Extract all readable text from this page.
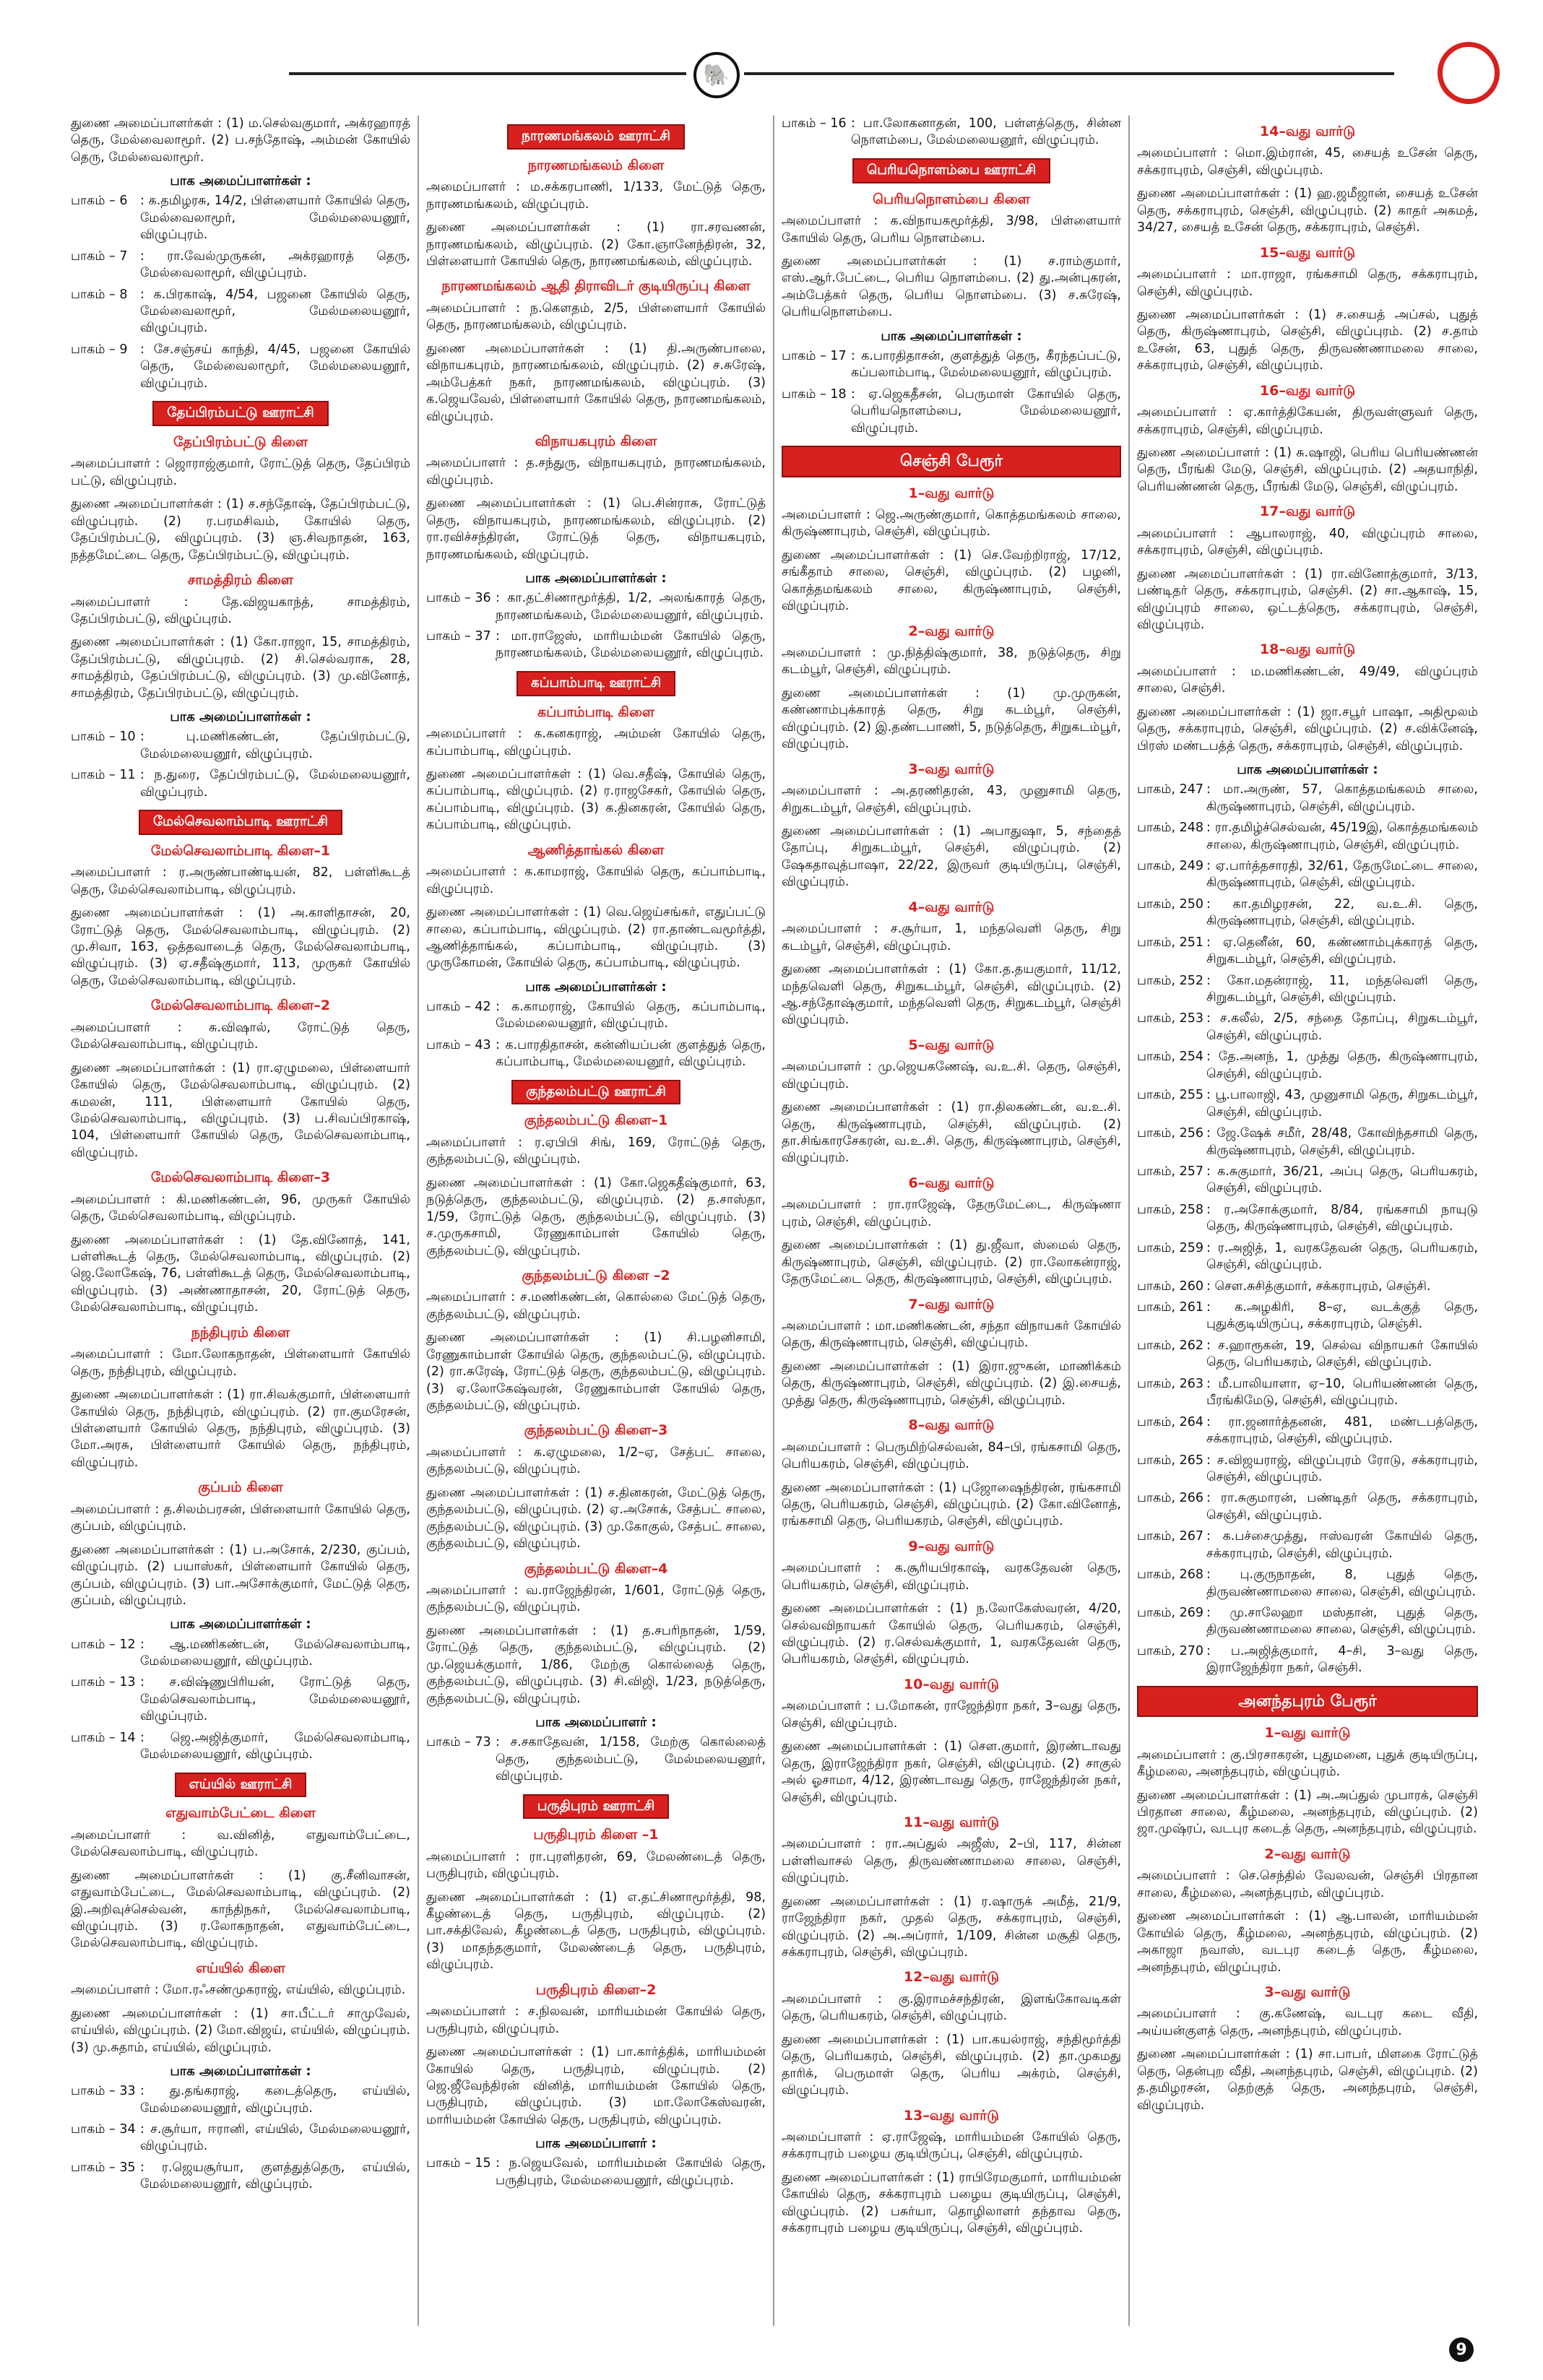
🐘
துணை அமைப்பாளர்கள் : (1) ம.செல்வகுமார், அக்ரஹாரத் தெரு, மேல்வைலாமூர். (2) ப.சந்தோஷ், அம்மன் கோயில் தெரு, மேல்வைலாமூர்.
பாக அமைப்பாளர்கள் :
பாகம் – 6	: க.தமிழரசு, 14/2, பிள்ளையார் கோயில் தெரு, மேல்வைலாமூர், மேல்மலையனூர், விழுப்புரம்.
பாகம் – 7	: ரா.வேல்முருகன், அக்ரஹாரத் தெரு, மேல்வைலாமூர், விழுப்புரம்.
பாகம் – 8	: க.பிரகாஷ், 4/54, பஜனை கோயில் தெரு, மேல்வைலாமூர், மேல்மலையனூர், விழுப்புரம்.
பாகம் – 9	: சே.சஞ்சய் காந்தி, 4/45, பஜனை கோயில் தெரு, மேல்வைலாமூர், மேல்மலையனூர், விழுப்புரம்.
தேப்பிரம்பட்டு ஊராட்சி
தேப்பிரம்பட்டு கிளை
அமைப்பாளர் : ஜொராஜ்குமார், ரோட்டுத் தெரு, தேப்பிரம் பட்டு, விழுப்புரம்.
துணை அமைப்பாளர்கள் : (1) ச.சந்தோஷ், தேப்பிரம்பட்டு, விழுப்புரம். (2) ர.பரமசிவம், கோயில் தெரு, தேப்பிரம்பட்டு, விழுப்புரம். (3) ஞ.சிவநாதன், 163, நத்தமேட்டை தெரு, தேப்பிரம்பட்டு, விழுப்புரம்.
சாமத்திரம் கிளை
அமைப்பாளர் : தே.விஜயகாந்த், சாமத்திரம், தேப்பிரம்பட்டு, விழுப்புரம்.
துணை அமைப்பாளர்கள் : (1) கோ.ராஜா, 15, சாமத்திரம், தேப்பிரம்பட்டு, விழுப்புரம். (2) சி.செல்வராசு, 28, சாமத்திரம், தேப்பிரம்பட்டு, விழுப்புரம். (3) மு.வினோத், சாமத்திரம், தேப்பிரம்பட்டு, விழுப்புரம்.
பாக அமைப்பாளர்கள் :
பாகம் – 10 : பு.மணிகண்டன், தேப்பிரம்பட்டு, மேல்மலையனூர், விழுப்புரம்.
பாகம் – 11 : ந.துரை, தேப்பிரம்பட்டு, மேல்மலையனூர், விழுப்புரம்.
மேல்செவலாம்பாடி ஊராட்சி
மேல்செவலாம்பாடி கிளை–1
அமைப்பாளர் : ர.அருண்பாண்டியன், 82, பள்ளிகூடத் தெரு, மேல்செவலாம்பாடி, விழுப்புரம்.
துணை அமைப்பாளர்கள் : (1) அ.காளிதாசன், 20, ரோட்டுத் தெரு, மேல்செவலாம்பாடி, விழுப்புரம். (2) மு.சிவா, 163, ஒத்தவாடைத் தெரு, மேல்செவலாம்பாடி, விழுப்புரம். (3) ஏ.சதீஷ்குமார், 113, முருகர் கோயில் தெரு, மேல்செவலாம்பாடி, விழுப்புரம்.
மேல்செவலாம்பாடி கிளை–2
அமைப்பாளர் : சு.விஷால், ரோட்டுத் தெரு, மேல்செவலாம்பாடி, விழுப்புரம்.
துணை அமைப்பாளர்கள் : (1) ரா.ஏழுமலை, பிள்ளையார் கோயில் தெரு, மேல்செவலாம்பாடி, விழுப்புரம். (2) கமலன், 111, பிள்ளையார் கோயில் தெரு, மேல்செவலாம்பாடி, விழுப்புரம். (3) ப.சிவப்பிரகாஷ், 104, பிள்ளையார் கோயில் தெரு, மேல்செவலாம்பாடி, விழுப்புரம்.
மேல்செவலாம்பாடி கிளை–3
அமைப்பாளர் : கி.மணிகண்டன், 96, முருகர் கோயில் தெரு, மேல்செவலாம்பாடி, விழுப்புரம்.
துணை அமைப்பாளர்கள் : (1) தே.வினோத், 141, பள்ளிகூடத் தெரு, மேல்செவலாம்பாடி, விழுப்புரம். (2) ஜெ.லோகேஷ், 76, பள்ளிகூடத் தெரு, மேல்செவலாம்பாடி, விழுப்புரம். (3) அண்ணாதாசன், 20, ரோட்டுத் தெரு, மேல்செவலாம்பாடி, விழுப்புரம்.
நந்திபுரம் கிளை
அமைப்பாளர் : மோ.லோகநாதன், பிள்ளையார் கோயில் தெரு, நந்திபுரம், விழுப்புரம்.
துணை அமைப்பாளர்கள் : (1) ரா.சிவக்குமார், பிள்ளையார் கோயில் தெரு, நந்திபுரம், விழுப்புரம். (2) ரா.குமரேசன், பிள்ளையார் கோயில் தெரு, நந்திபுரம், விழுப்புரம். (3) மோ.அரசு, பிள்ளையார் கோயில் தெரு, நந்திபுரம், விழுப்புரம்.
குப்பம் கிளை
அமைப்பாளர் : த.சிலம்பரசன், பிள்ளையார் கோயில் தெரு, குப்பம், விழுப்புரம்.
துணை அமைப்பாளர்கள் : (1) ப.அசோக், 2/230, குப்பம், விழுப்புரம். (2) பயாஸ்கர், பிள்ளையார் கோயில் தெரு, குப்பம், விழுப்புரம். (3) பா.அசோக்குமார், மேட்டுத் தெரு, குப்பம், விழுப்புரம்.
பாக அமைப்பாளர்கள் :
பாகம் – 12 : ஆ.மணிகண்டன், மேல்செவலாம்பாடி, மேல்மலையனூர், விழுப்புரம்.
பாகம் – 13 : ச.விஷ்ணுபிரியன், ரோட்டுத் தெரு, மேல்செவலாம்பாடி, மேல்மலையனூர், விழுப்புரம்.
பாகம் – 14 : ஜெ.அஜித்குமார், மேல்செவலாம்பாடி, மேல்மலையனூர், விழுப்புரம்.
எய்யில் ஊராட்சி
எதுவாம்பேட்டை கிளை
அமைப்பாளர் : வ.வினித், எதுவாம்பேட்டை, மேல்செவலாம்பாடி, விழுப்புரம்.
துணை அமைப்பாளர்கள் : (1) கு.சீனிவாசன், எதுவாம்பேட்டை, மேல்செவலாம்பாடி, விழுப்புரம். (2) இ.அறிவுச்செல்வன், காந்திநகர், மேல்செவலாம்பாடி, விழுப்புரம். (3) ர.லோகநாதன், எதுவாம்பேட்டை, மேல்செவலாம்பாடி, விழுப்புரம்.
எய்யில் கிளை
அமைப்பாளர் : மோ.ரஃசண்முகராஜ், எய்யில், விழுப்புரம்.
துணை அமைப்பாளர்கள் : (1) சா.பீட்டர் சாமுவேல், எய்யில், விழுப்புரம். (2) மோ.விஜய், எய்யில், விழுப்புரம். (3) மு.சுதாம், எய்யில், விழுப்புரம்.
பாக அமைப்பாளர்கள் :
பாகம் – 33 : து.தங்கராஜ், கடைத்தெரு, எய்யில், மேல்மலையனூர், விழுப்புரம்.
பாகம் – 34 : ச.சூர்யா, ஈரானி, எய்யில், மேல்மலையனூர், விழுப்புரம்.
பாகம் – 35 : ர.ஜெயசூர்யா, குளத்துத்தெரு, எய்யில், மேல்மலையனூர், விழுப்புரம்.
நாரணமங்கலம் ஊராட்சி
நாரணமங்கலம் கிளை
அமைப்பாளர் : ம.சக்கரபாணி, 1/133, மேட்டுத் தெரு, நாரணமங்கலம், விழுப்புரம்.
துணை அமைப்பாளர்கள் : (1) ரா.சரவணன், நாரணமங்கலம், விழுப்புரம். (2) கோ.ஞானேந்திரன், 32, பிள்ளையார் கோயில் தெரு, நாரணமங்கலம், விழுப்புரம்.
நாரணமங்கலம் ஆதி திராவிடர் குடியிருப்பு கிளை
அமைப்பாளர் : ந.கௌதம், 2/5, பிள்ளையார் கோயில் தெரு, நாரணமங்கலம், விழுப்புரம்.
துணை அமைப்பாளர்கள் : (1) தி.அருண்பாலை, விநாயகபுரம், நாரணமங்கலம், விழுப்புரம். (2) ச.சுரேஷ், அம்பேத்கர் நகர், நாரணமங்கலம், விழுப்புரம். (3) க.ஜெயவேல், பிள்ளையார் கோயில் தெரு, நாரணமங்கலம், விழுப்புரம்.
விநாயகபுரம் கிளை
அமைப்பாளர் : த.சந்துரு, விநாயகபுரம், நாரணமங்கலம், விழுப்புரம்.
துணை அமைப்பாளர்கள் : (1) பெ.சின்ராசு, ரோட்டுத் தெரு, விநாயகபுரம், நாரணமங்கலம், விழுப்புரம். (2) ரா.ரவிச்சந்திரன், ரோட்டுத் தெரு, விநாயகபுரம், நாரணமங்கலம், விழுப்புரம்.
பாக அமைப்பாளர்கள் :
பாகம் – 36 : கா.தட்சிணாமூர்த்தி, 1/2, அலங்காரத் தெரு, நாரணமங்கலம், மேல்மலையனூர், விழுப்புரம்.
பாகம் – 37 : மா.ராஜேஸ், மாரியம்மன் கோயில் தெரு, நாரணமங்கலம், மேல்மலையனூர், விழுப்புரம்.
கப்பாம்பாடி ஊராட்சி
கப்பாம்பாடி கிளை
அமைப்பாளர் : க.கனகராஜ், அம்மன் கோயில் தெரு, கப்பாம்பாடி, விழுப்புரம்.
துணை அமைப்பாளர்கள் : (1) வெ.சதீஷ், கோயில் தெரு, கப்பாம்பாடி, விழுப்புரம். (2) ர.ராஜசேகர், கோயில் தெரு, கப்பாம்பாடி, விழுப்புரம். (3) க.தினகரன், கோயில் தெரு, கப்பாம்பாடி, விழுப்புரம்.
ஆணித்தாங்கல் கிளை
அமைப்பாளர் : க.காமராஜ், கோயில் தெரு, கப்பாம்பாடி, விழுப்புரம்.
துணை அமைப்பாளர்கள் : (1) வெ.ஜெய்சங்கர், எதுப்பட்டு சாலை, கப்பாம்பாடி, விழுப்புரம். (2) ரா.தாண்டவமூர்த்தி, ஆணித்தாங்கல், கப்பாம்பாடி, விழுப்புரம். (3) முருகோமன், கோயில் தெரு, கப்பாம்பாடி, விழுப்புரம்.
பாக அமைப்பாளர்கள் :
பாகம் – 42 : க.காமராஜ், கோயில் தெரு, கப்பாம்பாடி, மேல்மலையனூர், விழுப்புரம்.
பாகம் – 43 : க.பாரதிதாசன், கன்னியப்பன் குளத்துத் தெரு, கப்பாம்பாடி, மேல்மலையனூர், விழுப்புரம்.
குந்தலம்பட்டு ஊராட்சி
குந்தலம்பட்டு கிளை–1
அமைப்பாளர் : ர.ஏபிபி சிங், 169, ரோட்டுத் தெரு, குந்தலம்பட்டு, விழுப்புரம்.
துணை அமைப்பாளர்கள் : (1) கோ.ஜெகதீஷ்குமார், 63, நடுத்தெரு, குந்தலம்பட்டு, விழுப்புரம். (2) த.சாஸ்தா, 1/59, ரோட்டுத் தெரு, குந்தலம்பட்டு, விழுப்புரம். (3) ச.முருகசாமி, ரேணுகாம்பாள் கோயில் தெரு, குந்தலம்பட்டு, விழுப்புரம்.
குந்தலம்பட்டு கிளை –2
அமைப்பாளர் : ச.மணிகண்டன், கொல்லை மேட்டுத் தெரு, குந்தலம்பட்டு, விழுப்புரம்.
துணை அமைப்பாளர்கள் : (1) சி.பழனிசாமி, ரேணுகாம்பாள் கோயில் தெரு, குந்தலம்பட்டு, விழுப்புரம். (2) ரா.சுரேஷ், ரோட்டுத் தெரு, குந்தலம்பட்டு, விழுப்புரம். (3) ஏ.லோகேஷ்வரன், ரேணுகாம்பாள் கோயில் தெரு, குந்தலம்பட்டு, விழுப்புரம்.
குந்தலம்பட்டு கிளை–3
அமைப்பாளர் : க.ஏழுமலை, 1/2–ஏ, சேத்பட் சாலை, குந்தலம்பட்டு, விழுப்புரம்.
துணை அமைப்பாளர்கள் : (1) ச.தினகரன், மேட்டுத் தெரு, குந்தலம்பட்டு, விழுப்புரம். (2) ஏ.அசோக், சேத்பட் சாலை, குந்தலம்பட்டு, விழுப்புரம். (3) மு.கோகுல், சேத்பட் சாலை, குந்தலம்பட்டு, விழுப்புரம்.
குந்தலம்பட்டு கிளை–4
அமைப்பாளர் : வ.ராஜேந்திரன், 1/601, ரோட்டுத் தெரு, குந்தலம்பட்டு, விழுப்புரம்.
துணை அமைப்பாளர்கள் : (1) த.சபரிநாதன், 1/59, ரோட்டுத் தெரு, குந்தலம்பட்டு, விழுப்புரம். (2) மு.ஜெயக்குமார், 1/86, மேற்கு கொல்லைத் தெரு, குந்தலம்பட்டு, விழுப்புரம். (3) சி.விஜி, 1/23, நடுத்தெரு, குந்தலம்பட்டு, விழுப்புரம்.
பாக அமைப்பாளர் :
பாகம் – 73 : ச.சகாதேவன், 1/158, மேற்கு கொல்லைத் தெரு, குந்தலம்பட்டு, மேல்மலையனூர், விழுப்புரம்.
பருதிபுரம் ஊராட்சி
பருதிபுரம் கிளை –1
அமைப்பாளர் : ரா.புரளிதரன், 69, மேலண்டைத் தெரு, பருதிபுரம், விழுப்புரம்.
துணை அமைப்பாளர்கள் : (1) எ.தட்சிணாமூர்த்தி, 98, கீழண்டைத் தெரு, பருதிபுரம், விழுப்புரம். (2) பா.சக்திவேல், கீழண்டைத் தெரு, பருதிபுரம், விழுப்புரம். (3) மாதந்தகுமார், மேலண்டைத் தெரு, பருதிபுரம், விழுப்புரம்.
பருதிபுரம் கிளை–2
அமைப்பாளர் : ச.நிலவன், மாரியம்மன் கோயில் தெரு, பருதிபுரம், விழுப்புரம்.
துணை அமைப்பாளர்கள் : (1) பா.கார்த்திக், மாரியம்மன் கோயில் தெரு, பருதிபுரம், விழுப்புரம். (2) ஜெ.ஜீவேந்திரன் வினித், மாரியம்மன் கோயில் தெரு, பருதிபுரம், விழுப்புரம். (3) மா.லோகேஸ்வரன், மாரியம்மன் கோயில் தெரு, பருதிபுரம், விழுப்புரம்.
பாக அமைப்பாளர் :
பாகம் – 15 : ந.ஜெயவேல், மாரியம்மன் கோயில் தெரு, பருதிபுரம், மேல்மலையனூர், விழுப்புரம்.
பாகம் – 16 : பா.லோகனாதன், 100, பள்ளத்தெரு, சின்ன நொளம்பை, மேல்மலையனூர், விழுப்புரம்.
பெரியநொளம்பை ஊராட்சி
பெரியநொளம்பை கிளை
அமைப்பாளர் : க.விநாயகமூர்த்தி, 3/98, பிள்ளையார் கோயில் தெரு, பெரிய நொளம்பை.
துணை அமைப்பாளர்கள் : (1) ச.ராம்குமார், எஸ்.ஆர்.பேட்டை, பெரிய நொளம்பை. (2) து.அன்புகரன், அம்பேத்கர் தெரு, பெரிய நொளம்பை. (3) ச.சுரேஷ், பெரியநொளம்பை.
பாக அமைப்பாளர்கள் :
பாகம் – 17 : க.பாரதிதாசன், குளத்துத் தெரு, கீரந்தப்பட்டு, கப்பலாம்பாடி, மேல்மலையனூர், விழுப்புரம்.
பாகம் – 18 : ஏ.ஜெகதீசன், பெருமாள் கோயில் தெரு, பெரியநொளம்பை, மேல்மலையனூர், விழுப்புரம்.
செஞ்சி பேரூர்
1–வது வார்டு
அமைப்பாளர் : ஜெ.அருண்குமார், கொத்தமங்கலம் சாலை, கிருஷ்ணாபுரம், செஞ்சி, விழுப்புரம்.
துணை அமைப்பாளர்கள் : (1) செ.வேற்றிராஜ், 17/12, சங்கீதாம் சாலை, செஞ்சி, விழுப்புரம். (2) பழனி, கொத்தமங்கலம் சாலை, கிருஷ்ணாபுரம், செஞ்சி, விழுப்புரம்.
2–வது வார்டு
அமைப்பாளர் : மு.நித்திஷ்குமார், 38, நடுத்தெரு, சிறு கடம்பூர், செஞ்சி, விழுப்புரம்.
துணை அமைப்பாளர்கள் : (1) மு.முருகன், கண்ணாம்புக்காரத் தெரு, சிறு கடம்பூர், செஞ்சி, விழுப்புரம். (2) இ.தண்டபாணி, 5, நடுத்தெரு, சிறுகடம்பூர், விழுப்புரம்.
3–வது வார்டு
அமைப்பாளர் : அ.தரணிதரன், 43, முனுசாமி தெரு, சிறுகடம்பூர், செஞ்சி, விழுப்புரம்.
துணை அமைப்பாளர்கள் : (1) அபாதுஷா, 5, சந்தைத் தோப்பு, சிறுகடம்பூர், செஞ்சி, விழுப்புரம். (2) ஷேகதாவுத்பாஷா, 22/22, இருவர் குடியிருப்பு, செஞ்சி, விழுப்புரம்.
4–வது வார்டு
அமைப்பாளர் : ச.சூர்யா, 1, மந்தவெளி தெரு, சிறு கடம்பூர், செஞ்சி, விழுப்புரம்.
துணை அமைப்பாளர்கள் : (1) கோ.த.தயகுமார், 11/12, மந்தவெளி தெரு, சிறுகடம்பூர், செஞ்சி, விழுப்புரம். (2) ஆ.சந்தோஷ்குமார், மந்தவெளி தெரு, சிறுகடம்பூர், செஞ்சி விழுப்புரம்.
5–வது வார்டு
அமைப்பாளர் : மு.ஜெயகணேஷ், வ.உ.சி. தெரு, செஞ்சி, விழுப்புரம்.
துணை அமைப்பாளர்கள் : (1) ரா.திலகண்டன், வ.உ.சி. தெரு, கிருஷ்ணாபுரம், செஞ்சி, விழுப்புரம். (2) தா.சிங்காரசேகரன், வ.உ.சி. தெரு, கிருஷ்ணாபுரம், செஞ்சி, விழுப்புரம்.
6–வது வார்டு
அமைப்பாளர் : ரா.ராஜேஷ், தேருமேட்டை, கிருஷ்ணா புரம், செஞ்சி, விழுப்புரம்.
துணை அமைப்பாளர்கள் : (1) து.ஜீவா, ஸ்மைல் தெரு, கிருஷ்ணாபுரம், செஞ்சி, விழுப்புரம். (2) ரா.லோகன்ராஜ், தேருமேட்டை தெரு, கிருஷ்ணாபுரம், செஞ்சி, விழுப்புரம்.
7–வது வார்டு
அமைப்பாளர் : மா.மணிகண்டன், சந்தா விநாயகர் கோயில் தெரு, கிருஷ்ணாபுரம், செஞ்சி, விழுப்புரம்.
துணை அமைப்பாளர்கள் : (1) இரா.ஜுகன், மாணிக்கம் தெரு, கிருஷ்ணாபுரம், செஞ்சி, விழுப்புரம். (2) இ.சையத், முத்து தெரு, கிருஷ்ணாபுரம், செஞ்சி, விழுப்புரம்.
8–வது வார்டு
அமைப்பாளர் : பெருமிற்செல்வன், 84–பி, ரங்கசாமி தெரு, பெரியகரம், செஞ்சி, விழுப்புரம்.
துணை அமைப்பாளர்கள் : (1) புஜோஷைந்திரன், ரங்கசாமி தெரு, பெரியகரம், செஞ்சி, விழுப்புரம். (2) கோ.வினோத், ரங்கசாமி தெரு, பெரியகரம், செஞ்சி, விழுப்புரம்.
9–வது வார்டு
அமைப்பாளர் : க.சூரியபிரகாஷ், வரகதேவன் தெரு, பெரியகரம், செஞ்சி, விழுப்புரம்.
துணை அமைப்பாளர்கள் : (1) ந.லோகேஸ்வரன், 4/20, செல்வவிநாயகர் கோயில் தெரு, பெரியகரம், செஞ்சி, விழுப்புரம். (2) ர.செல்வக்குமார், 1, வரகதேவன் தெரு, பெரியகரம், செஞ்சி, விழுப்புரம்.
10–வது வார்டு
அமைப்பாளர் : ப.மோகன், ராஜேந்திரா நகர், 3–வது தெரு, செஞ்சி, விழுப்புரம்.
துணை அமைப்பாளர்கள் : (1) செள.குமார், இரண்டாவது தெரு, இராஜேந்திரா நகர், செஞ்சி, விழுப்புரம். (2) சாகுல் அல் ஓசாமா, 4/12, இரண்டாவது தெரு, ராஜேந்திரன் நகர், செஞ்சி, விழுப்புரம்.
11–வது வார்டு
அமைப்பாளர் : ரா.அப்துல் அஜீஸ், 2–பி, 117, சின்ன பள்ளிவாசல் தெரு, திருவண்ணாமலை சாலை, செஞ்சி, விழுப்புரம்.
துணை அமைப்பாளர்கள் : (1) ர.ஷாருக் அமீத், 21/9, ராஜேந்திரா நகர், முதல் தெரு, சக்கராபுரம், செஞ்சி, விழுப்புரம். (2) அ.அப்ரார், 1/109, சின்ன மசூதி தெரு, சக்கராபுரம், செஞ்சி, விழுப்புரம்.
12–வது வார்டு
அமைப்பாளர் : கு.இராமச்சந்திரன், இளங்கோவடிகள் தெரு, பெரியகரம், செஞ்சி, விழுப்புரம்.
துணை அமைப்பாளர்கள் : (1) பா.கயல்ராஜ், சந்திமூர்த்தி தெரு, பெரியகரம், செஞ்சி, விழுப்புரம். (2) தா.முகமது தாரிக், பெருமாள் தெரு, பெரிய அக்ரம், செஞ்சி, விழுப்புரம்.
13–வது வார்டு
அமைப்பாளர் : ஏ.ராஜேஷ், மாரியம்மன் கோயில் தெரு, சக்கராபுரம் பழைய குடியிருப்பு, செஞ்சி, விழுப்புரம்.
துணை அமைப்பாளர்கள் : (1) ராபிரேமகுமார், மாரியம்மன் கோயில் தெரு, சக்கராபுரம் பழைய குடியிருப்பு, செஞ்சி, விழுப்புரம். (2) பசுர்யா, தொழிலாளர் தந்தாவ தெரு, சக்கராபுரம் பழைய குடியிருப்பு, செஞ்சி, விழுப்புரம்.
14–வது வார்டு
அமைப்பாளர் : மொ.இம்ரான், 45, சையத் உசேன் தெரு, சக்கராபுரம், செஞ்சி, விழுப்புரம்.
துணை அமைப்பாளர்கள் : (1) ஹ.ஜமீஜான், சையத் உசேன் தெரு, சக்கராபுரம், செஞ்சி, விழுப்புரம். (2) காதர் அகமத், 34/27, சையத் உசேன் தெரு, சக்கராபுரம், செஞ்சி.
15–வது வார்டு
அமைப்பாளர் : மா.ராஜா, ரங்கசாமி தெரு, சக்கராபுரம், செஞ்சி, விழுப்புரம்.
துணை அமைப்பாளர்கள் : (1) ச.சையத் அப்சல், புதுத் தெரு, கிருஷ்ணாபுரம், செஞ்சி, விழுப்புரம். (2) ச.தாம் உசேன், 63, புதுத் தெரு, திருவண்ணாமலை சாலை, சக்கராபுரம், செஞ்சி, விழுப்புரம்.
16–வது வார்டு
அமைப்பாளர் : ஏ.கார்த்திகேயன், திருவள்ளுவர் தெரு, சக்கராபுரம், செஞ்சி, விழுப்புரம்.
துணை அமைப்பாளர் : (1) சு.ஷாஜி, பெரிய பெரியண்ணன் தெரு, பீரங்கி மேடு, செஞ்சி, விழுப்புரம். (2) அதயாநிதி, பெரியண்ணன் தெரு, பீரங்கி மேடு, செஞ்சி, விழுப்புரம்.
17–வது வார்டு
அமைப்பாளர் : ஆபாலராஜ், 40, விழுப்புரம் சாலை, சக்கராபுரம், செஞ்சி, விழுப்புரம்.
துணை அமைப்பாளர்கள் : (1) ரா.வினோத்குமார், 3/13, பண்டிதர் தெரு, சக்கராபுரம், செஞ்சி. (2) சா.ஆகாஷ், 15, விழுப்புரம் சாலை, ஒட்டத்தெரு, சக்கராபுரம், செஞ்சி, விழுப்புரம்.
18–வது வார்டு
அமைப்பாளர் : ம.மணிகண்டன், 49/49, விழுப்புரம் சாலை, செஞ்சி.
துணை அமைப்பாளர்கள் : (1) ஜா.சபூர் பாஷா, அதிமூலம் தெரு, சக்கராபுரம், செஞ்சி, விழுப்புரம். (2) ச.விக்னேஷ், பிரஸ் மண்டபத்த் தெரு, சக்கராபுரம், செஞ்சி, விழுப்புரம்.
பாக அமைப்பாளர்கள் :
பாகம், 247 : மா.அருண், 57, கொத்தமங்கலம் சாலை, கிருஷ்ணாபுரம், செஞ்சி, விழுப்புரம்.
பாகம், 248 : ரா.தமிழ்ச்செல்வன், 45/19இ, கொத்தமங்கலம் சாலை, கிருஷ்ணாபுரம், செஞ்சி, விழுப்புரம்.
பாகம், 249 : ஏ.பார்த்தசாரதி, 32/61, தேருமேட்டை சாலை, கிருஷ்ணாபுரம், செஞ்சி, விழுப்புரம்.
பாகம், 250 : கா.தமிழரசன், 22, வ.உ.சி. தெரு, கிருஷ்ணாபுரம், செஞ்சி, விழுப்புரம்.
பாகம், 251 : ஏ.தெனீன், 60, கண்ணாம்புக்காரத் தெரு, சிறுகடம்பூர், செஞ்சி, விழுப்புரம்.
பாகம், 252 : கோ.மதன்ராஜ், 11, மந்தவெளி தெரு, சிறுகடம்பூர், செஞ்சி, விழுப்புரம்.
பாகம், 253 : ச.கலீல், 2/5, சந்தை தோப்பு, சிறுகடம்பூர், செஞ்சி, விழுப்புரம்.
பாகம், 254 : தே.அனந், 1, முத்து தெரு, கிருஷ்ணாபுரம், செஞ்சி, விழுப்புரம்.
பாகம், 255 : பூ.பாலாஜி, 43, முனுசாமி தெரு, சிறுகடம்பூர், செஞ்சி, விழுப்புரம்.
பாகம், 256 : ஜே.ஷேக் சமீர், 28/48, கோவிந்தசாமி தெரு, கிருஷ்ணாபுரம், செஞ்சி, விழுப்புரம்.
பாகம், 257 : க.சுகுமார், 36/21, அப்பு தெரு, பெரியகரம், செஞ்சி, விழுப்புரம்.
பாகம், 258 : ர.அசோக்குமார், 8/84, ரங்கசாமி நாயுடு தெரு, கிருஷ்ணாபுரம், செஞ்சி, விழுப்புரம்.
பாகம், 259 : ர.அஜித், 1, வரகதேவன் தெரு, பெரியகரம், செஞ்சி, விழுப்புரம்.
பாகம், 260 : செள.சுசித்குமார், சக்கராபுரம், செஞ்சி.
பாகம், 261 : க.அழகிரி, 8–ஏ, வடக்குத் தெரு, புதுக்குடியிருப்பு, சக்கராபுரம், செஞ்சி.
பாகம், 262 : ச.ஹாரூகன், 19, செல்வ விநாயகர் கோயில் தெரு, பெரியகரம், செஞ்சி, விழுப்புரம்.
பாகம், 263 : மீ.பாலியாளா, ஏ–10, பெரியண்ணன் தெரு, பீரங்கிமேடு, செஞ்சி, விழுப்புரம்.
பாகம், 264 : ரா.ஜனார்த்தனன், 481, மண்டபத்தெரு, சக்கராபுரம், செஞ்சி, விழுப்புரம்.
பாகம், 265 : ச.விஜயராஜ், விழுப்புரம் ரோடு, சக்கராபுரம், செஞ்சி, விழுப்புரம்.
பாகம், 266 : ரா.சுகுமாரன், பண்டிதர் தெரு, சக்கராபுரம், செஞ்சி, விழுப்புரம்.
பாகம், 267 : க.பச்சைமுத்து, ஈஸ்வரன் கோயில் தெரு, சக்கராபுரம், செஞ்சி, விழுப்புரம்.
பாகம், 268 : பு.குருநாதன், 8, புதுத் தெரு, திருவண்ணாமலை சாலை, செஞ்சி, விழுப்புரம்.
பாகம், 269 : மு.சாலேஹா மஸ்தான், புதுத் தெரு, திருவண்ணாமலை சாலை, செஞ்சி, விழுப்புரம்.
பாகம், 270 : ப.அஜித்குமார், 4–சி, 3–வது தெரு, இராஜேந்திரா நகர், செஞ்சி.
அனந்தபுரம் பேரூர்
1–வது வார்டு
அமைப்பாளர் : கு.பிரசாகரன், புதுமனை, புதுக் குடியிருப்பு, கீழ்மலை, அனந்தபுரம், விழுப்புரம்.
துணை அமைப்பாளர்கள் : (1) அ.அப்துல் முபாரக், செஞ்சி பிரதான சாலை, கீழ்மலை, அனந்தபுரம், விழுப்புரம். (2) ஜா.முஷ்ரப், வடபுர கடைத் தெரு, அனந்தபுரம், விழுப்புரம்.
2–வது வார்டு
அமைப்பாளர் : செ.செந்தில் வேலவன், செஞ்சி பிரதான சாலை, கீழ்மலை, அனந்தபுரம், விழுப்புரம்.
துணை அமைப்பாளர்கள் : (1) ஆ.பாலன், மாரியம்மன் கோயில் தெரு, கீழ்மலை, அனந்தபுரம், விழுப்புரம். (2) அகாஜா நவாஸ், வடபுர கடைத் தெரு, கீழ்மலை, அனந்தபுரம், விழுப்புரம்.
3–வது வார்டு
அமைப்பாளர் : கு.கணேஷ், வடபுர கடை வீதி, அய்யன்குளத் தெரு, அனந்தபுரம், விழுப்புரம்.
துணை அமைப்பாளர்கள் : (1) சா.பாபர், மிளகை ரோட்டுத் தெரு, தென்புற வீதி, அனந்தபுரம், செஞ்சி, விழுப்புரம். (2) த.தமிழரசன், தெற்குத் தெரு, அனந்தபுரம், செஞ்சி, விழுப்புரம்.
9
